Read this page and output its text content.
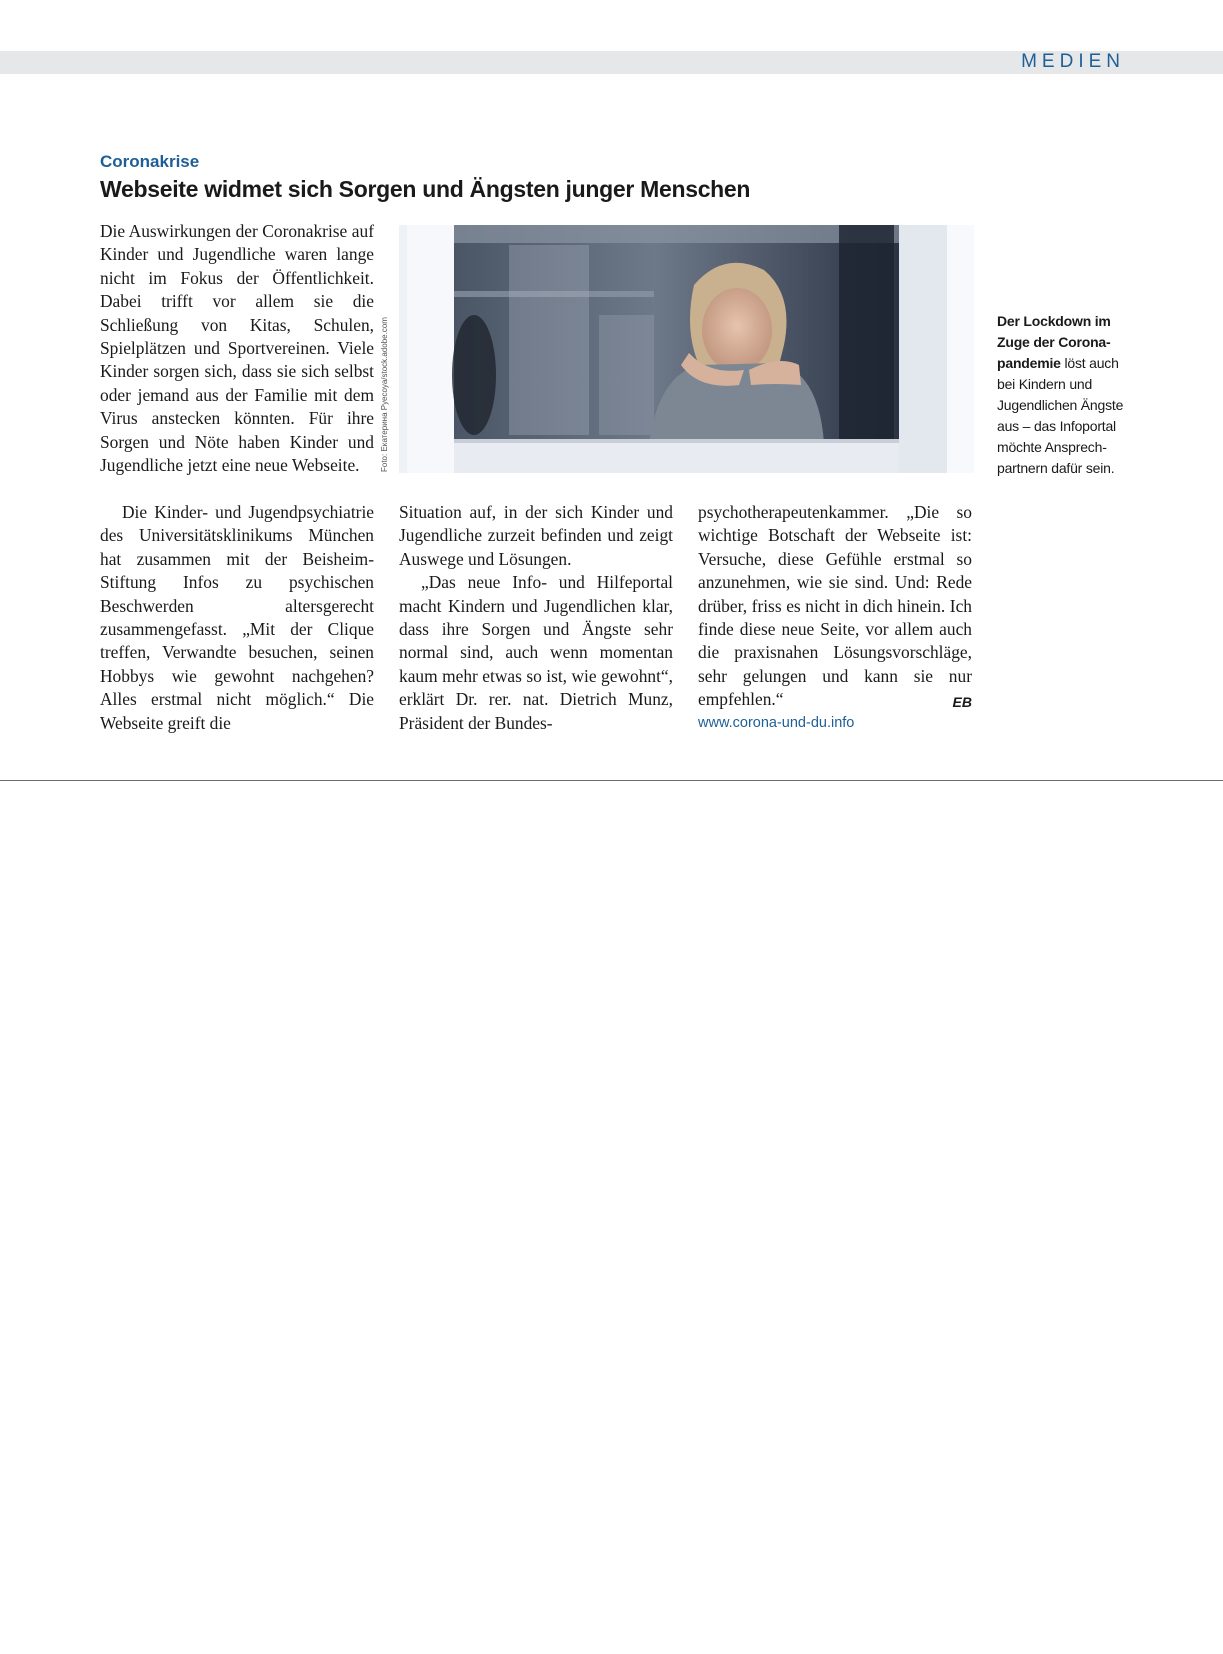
MEDIEN
Coronakrise
Webseite widmet sich Sorgen und Ängsten junger Menschen

Die Auswirkungen der Coronakrise auf Kinder und Jugendliche waren lange nicht im Fokus der Öffentlichkeit. Dabei trifft vor allem sie die Schließung von Kitas, Schulen, Spielplätzen und Sportvereinen. Viele Kinder sorgen sich, dass sie sich selbst oder jemand aus der Familie mit dem Virus anstecken könnten. Für ihre Sorgen und Nöte haben Kinder und Jugendliche jetzt eine neue Webseite.

Die Kinder- und Jugendpsychiatrie des Universitätsklinikums München hat zusammen mit der Beisheim-Stiftung Infos zu psychischen Beschwerden altersgerecht zusammengefasst. „Mit der Clique treffen, Verwandte besuchen, seinen Hobbys wie gewohnt nachgehen? Alles erstmal nicht möglich.“ Die Webseite greift die

Situation auf, in der sich Kinder und Jugendliche zurzeit befinden und zeigt Auswege und Lösungen.

„Das neue Info- und Hilfeportal macht Kindern und Jugendlichen klar, dass ihre Sorgen und Ängste sehr normal sind, auch wenn momentan kaum mehr etwas so ist, wie gewohnt“, erklärt Dr. rer. nat. Dietrich Munz, Präsident der Bundes-

psychotherapeutenkammer. „Die so wichtige Botschaft der Webseite ist: Versuche, diese Gefühle erstmal so anzunehmen, wie sie sind. Und: Rede drüber, friss es nicht in dich hinein. Ich finde diese neue Seite, vor allem auch die praxisnahen Lösungsvorschläge, sehr gelungen und kann sie nur empfehlen.“	EB

www.corona-und-du.info
Foto: Екатерина Руесоуа/stock.adobe.com	Der Lockdown im Zuge der Coronapandemie löst auch bei Kindern und Jugendlichen Ängste aus – das Infoportal möchte Ansprechpartnern dafür sein.
